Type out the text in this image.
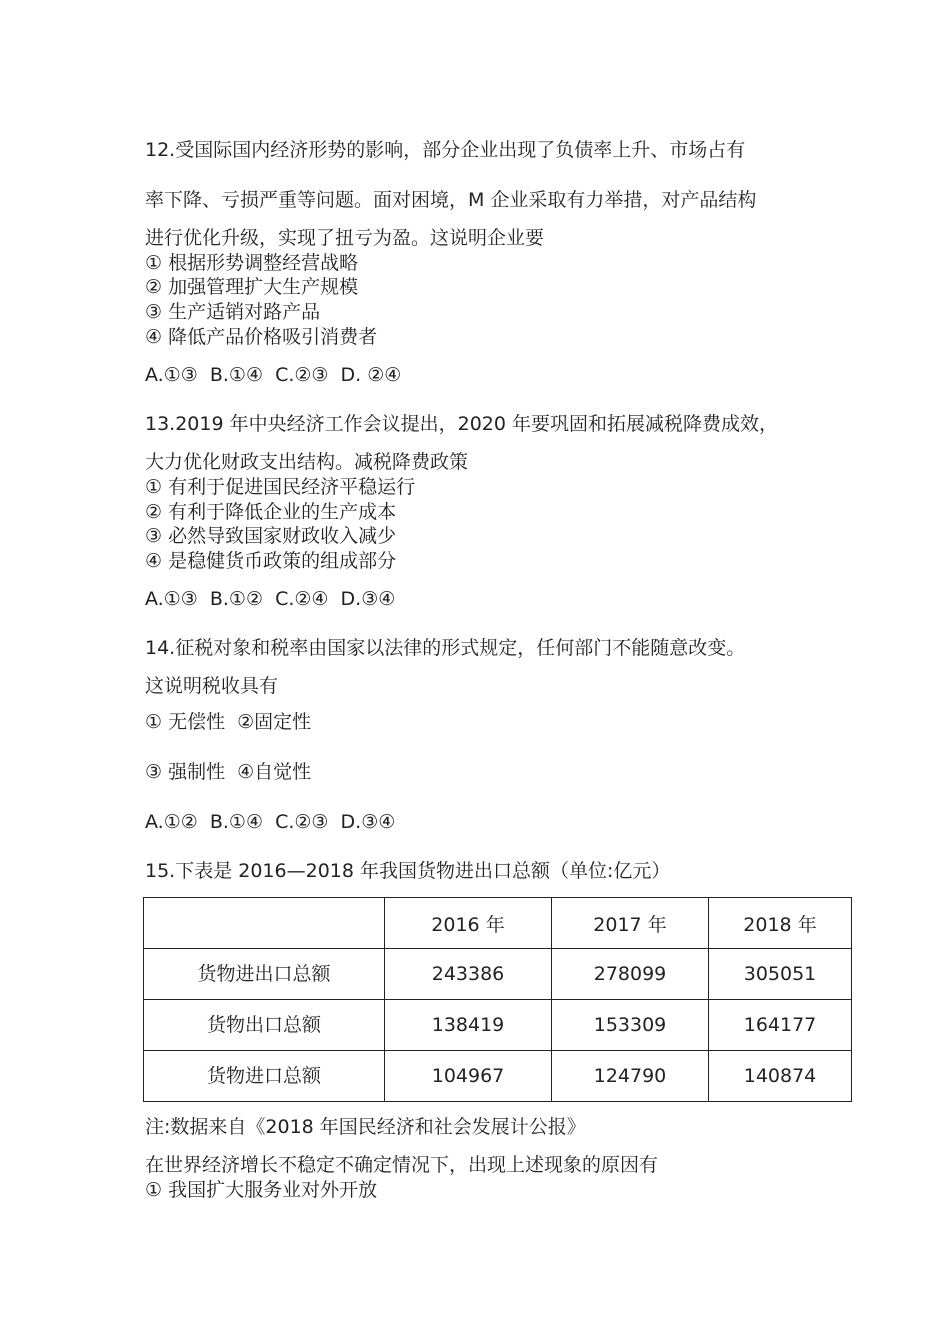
12.受国际国内经济形势的影响，部分企业出现了负债率上升、市场占有
率下降、亏损严重等问题。面对困境，M 企业采取有力举措，对产品结构
进行优化升级，实现了扭亏为盈。这说明企业要
① 根据形势调整经营战略
② 加强管理扩大生产规模
③ 生产适销对路产品
④ 降低产品价格吸引消费者
A.①③  B.①④  C.②③  D. ②④
13.2019 年中央经济工作会议提出，2020 年要巩固和拓展减税降费成效，
大力优化财政支出结构。减税降费政策
① 有利于促进国民经济平稳运行
② 有利于降低企业的生产成本
③ 必然导致国家财政收入减少
④ 是稳健货币政策的组成部分
A.①③  B.①②  C.②④  D.③④
14.征税对象和税率由国家以法律的形式规定，任何部门不能随意改变。
这说明税收具有
① 无偿性  ②固定性
③ 强制性  ④自觉性
A.①②  B.①④  C.②③  D.③④
15.下表是 2016—2018 年我国货物进出口总额（单位:亿元）
	2016 年	2017 年	2018 年
货物进出口总额	243386	278099	305051
货物出口总额	138419	153309	164177
货物进口总额	104967	124790	140874
注:数据来自《2018 年国民经济和社会发展计公报》
在世界经济增长不稳定不确定情况下，出现上述现象的原因有
① 我国扩大服务业对外开放
